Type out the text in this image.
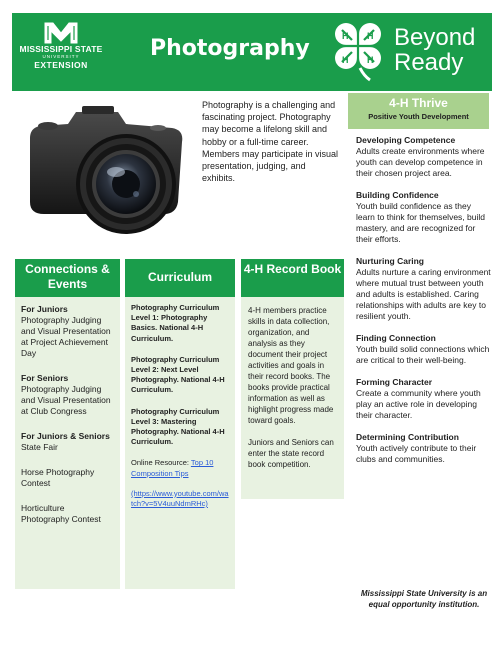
MISSISSIPPI STATE
UNIVERSITY
EXTENSION
Photography	H H
H H
Beyond
Ready
Photography is a challenging and fascinating project. Photography may become a lifelong skill and hobby or a full-time career. Members may participate in visual presentation, judging, and exhibits.
Connections & Events
For Juniors
Photography Judging and Visual Presentation at Project Achievement Day
For Seniors
Photography Judging and Visual Presentation at Club Congress
For Juniors & Seniors
State Fair
Horse Photography Contest
Horticulture Photography Contest
Curriculum
Photography Curriculum Level 1: Photography Basics. National 4-H Curriculum.
Photography Curriculum Level 2: Next Level Photography. National 4-H Curriculum.
Photography Curriculum Level 3: Mastering Photography. National 4-H Curriculum.
Online Resource: Top 10 Composition Tips
(https://www.youtube.com/watch?v=5V4uuNdmRHc)
4-H Record Book

4-H members practice skills in data collection, organization, and analysis as they document their project activities and goals in their record books. The books provide practical information as well as highlight progress made toward goals.

Juniors and Seniors can enter the state record book competition.

4-H Thrive
Positive Youth Development
Developing Competence
Adults create environments where youth can develop competence in their chosen project area.
Building Confidence
Youth build confidence as they learn to think for themselves, build mastery, and are recognized for their efforts.
Nurturing Caring
Adults nurture a caring environment where mutual trust between youth and adults is established. Caring relationships with adults are key to resilient youth.
Finding Connection
Youth build solid connections which are critical to their well-being.
Forming Character
Create a community where youth play an active role in developing their character.
Determining Contribution
Youth actively contribute to their clubs and communities.
Mississippi State University is an equal opportunity institution.
